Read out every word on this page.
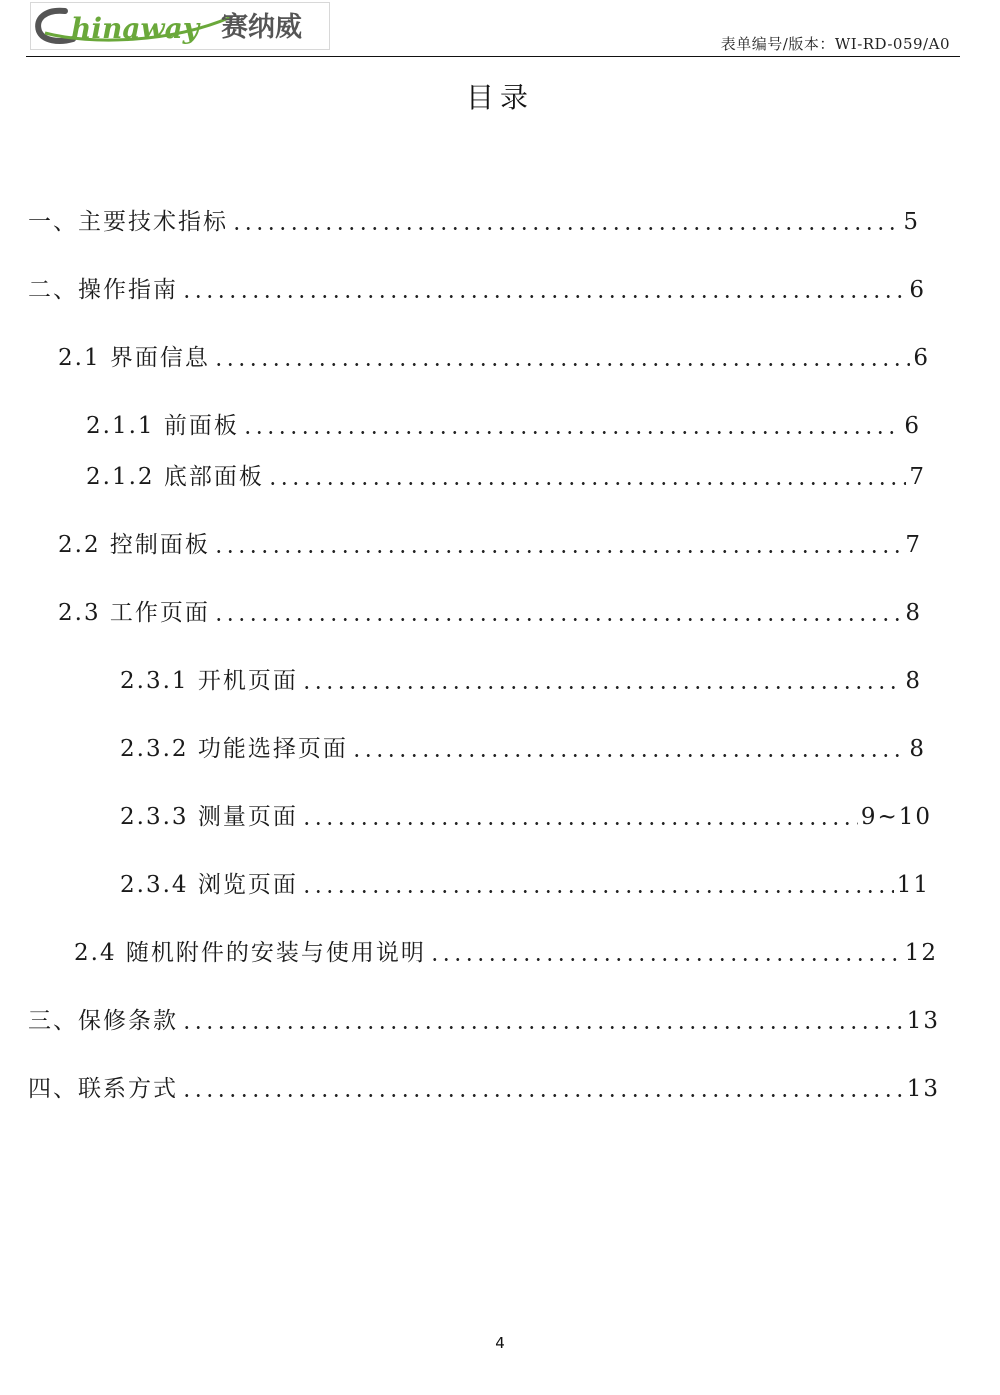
hinaway 赛纳威
表单编号/版本：WI-RD-059/A0
目录
一、主要技术指标	5
二、操作指南	6
2.1 界面信息	6
2.1.1 前面板	6
2.1.2 底部面板	7
2.2 控制面板	7
2.3 工作页面	8
2.3.1 开机页面	8
2.3.2 功能选择页面	8
2.3.3 测量页面	9~10
2.3.4 浏览页面	11
2.4 随机附件的安装与使用说明	12
三、保修条款	13
四、联系方式	13
4
